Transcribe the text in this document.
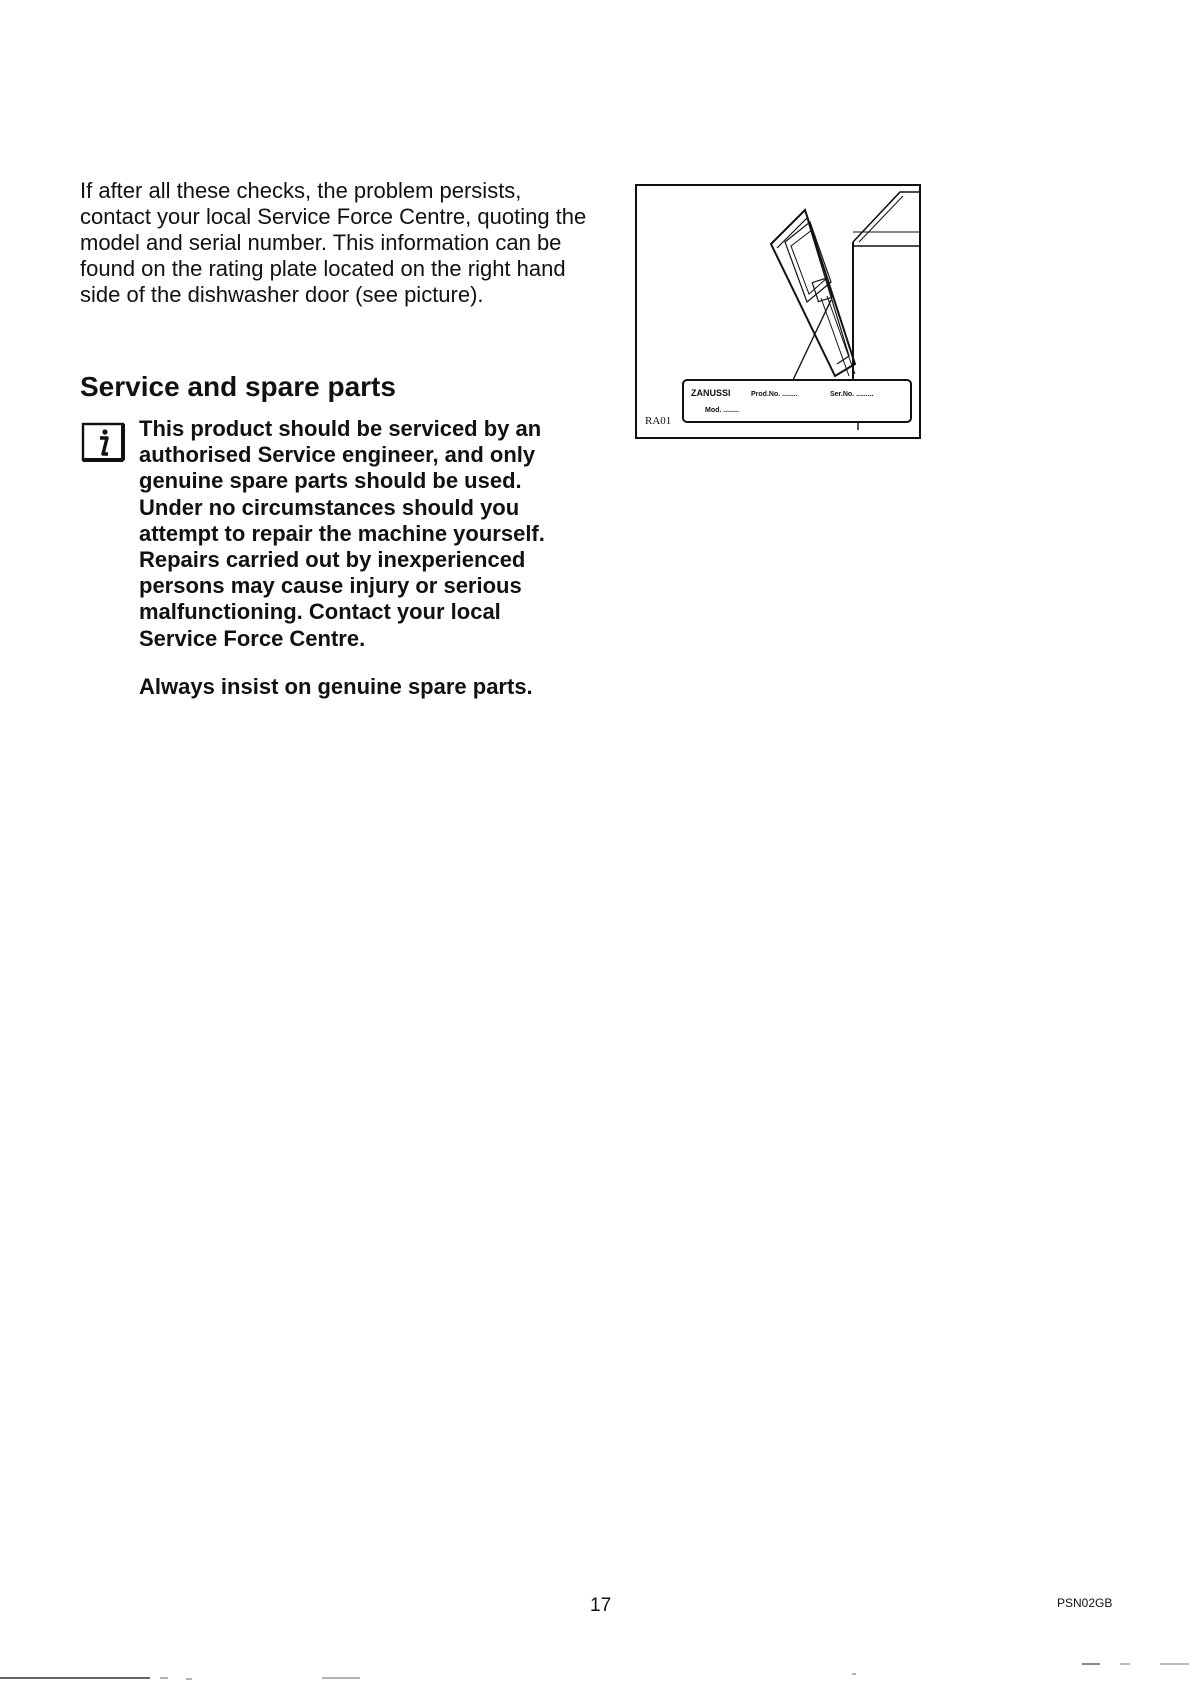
If after all these checks, the problem persists, contact your local Service Force Centre, quoting the model and serial number. This information can be found on the rating plate located on the right hand side of the dishwasher door (see picture).

Service and spare parts

This product should be serviced by an authorised Service engineer, and only genuine spare parts should be used. Under no circumstances should you attempt to repair the machine yourself. Repairs carried out by inexperienced persons may cause injury or serious malfunctioning. Contact your local Service Force Centre.

Always insist on genuine spare parts.

ZANUSSI	Prod.No. ........	Ser.No. .........
Mod. ........
RA01
17	PSN02GB
